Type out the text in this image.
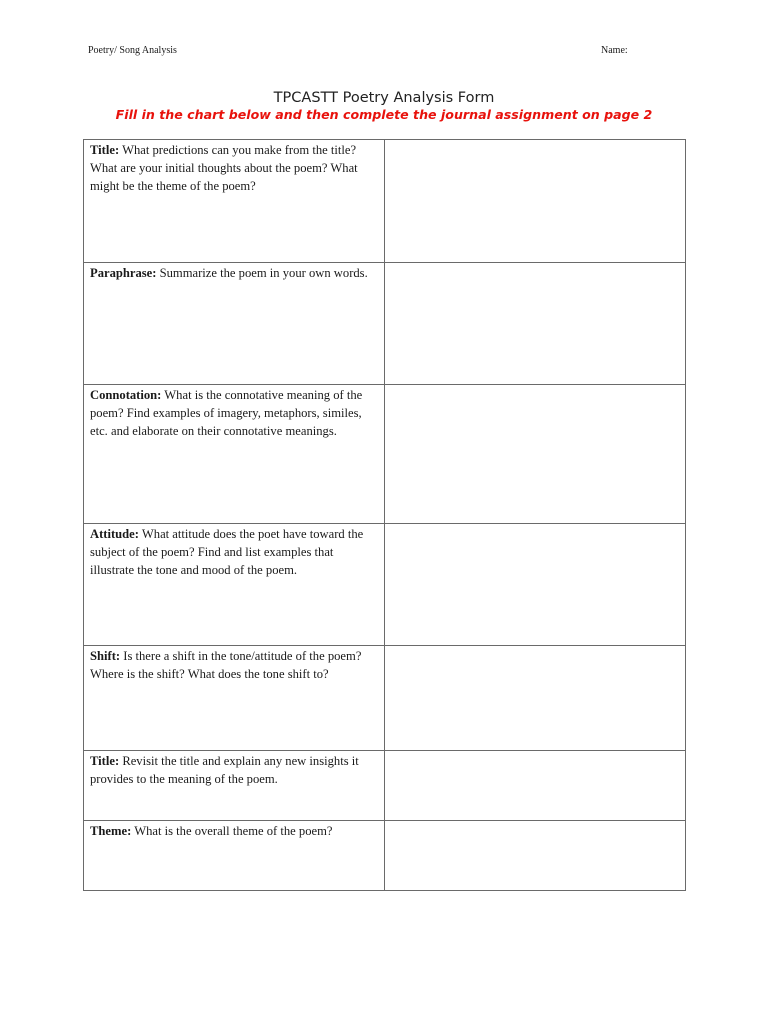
Poetry/ Song Analysis	Name:
TPCASTT Poetry Analysis Form
Fill in the chart below and then complete the journal assignment on page 2
Title: What predictions can you make from the title? What are your initial thoughts about the poem? What might be the theme of the poem?	

Paraphrase: Summarize the poem in your own words.	

Connotation: What is the connotative meaning of the poem? Find examples of imagery, metaphors, similes, etc. and elaborate on their connotative meanings.	

Attitude: What attitude does the poet have toward the subject of the poem? Find and list examples that illustrate the tone and mood of the poem.	

Shift: Is there a shift in the tone/attitude of the poem? Where is the shift? What does the tone shift to?	

Title: Revisit the title and explain any new insights it provides to the meaning of the poem.	

Theme: What is the overall theme of the poem?	
